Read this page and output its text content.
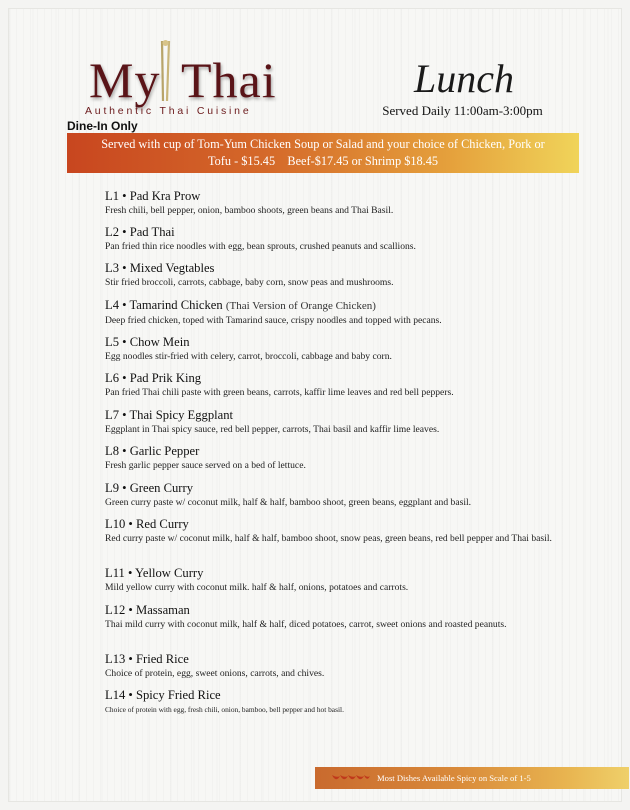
My Thai
Authentic Thai Cuisine
Dine-In Only
Lunch
Served Daily 11:00am-3:00pm
Served with cup of Tom-Yum Chicken Soup or Salad and your choice of Chicken, Pork or
Tofu - $15.45    Beef-$17.45 or Shrimp $18.45
L1 • Pad Kra Prow
Fresh chili, bell pepper, onion, bamboo shoots, green beans and Thai Basil.
L2 • Pad Thai
Pan fried thin rice noodles with egg, bean sprouts, crushed peanuts and scallions.
L3 • Mixed Vegtables
Stir fried broccoli, carrots, cabbage, baby corn, snow peas and mushrooms.
L4 • Tamarind Chicken (Thai Version of Orange Chicken)
Deep fried chicken, toped with Tamarind sauce, crispy noodles and topped with pecans.
L5 • Chow Mein
Egg noodles stir-fried with celery, carrot, broccoli, cabbage and baby corn.
L6 • Pad Prik King
Pan fried Thai chili paste with green beans, carrots, kaffir lime leaves and red bell peppers.
L7 • Thai Spicy Eggplant
Eggplant in Thai spicy sauce, red bell pepper, carrots, Thai basil and kaffir lime leaves.
L8 • Garlic Pepper
Fresh garlic pepper sauce served on a bed of lettuce.
L9 • Green Curry
Green curry paste w/ coconut milk, half & half, bamboo shoot, green beans, eggplant and basil.
L10 • Red Curry
Red curry paste w/ coconut milk, half & half, bamboo shoot, snow peas, green beans, red bell pepper and Thai basil.
L11 • Yellow Curry
Mild yellow curry with coconut milk. half & half, onions, potatoes and carrots.
L12 • Massaman
Thai mild curry with coconut milk, half & half, diced potatoes, carrot, sweet onions and roasted peanuts.
L13 • Fried Rice
Choice of protein, egg, sweet onions, carrots, and chives.
L14 • Spicy Fried Rice
Choice of protein with egg, fresh chili, onion, bamboo, bell pepper and hot basil.
Most Dishes Available Spicy on Scale of 1-5
